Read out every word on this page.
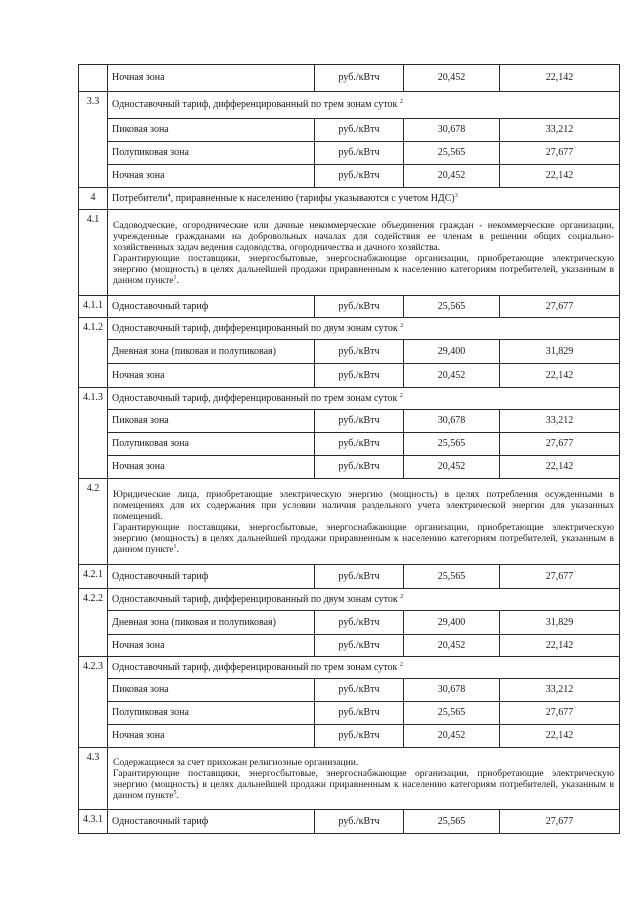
	Ночная зона	руб./кВтч	20,452	22,142
3.3	Одноставочный тариф, дифференцированный по трем зонам суток $^2$
	Пиковая зона	руб./кВтч	30,678	33,212
	Полупиковая зона	руб./кВтч	25,565	27,677
	Ночная зона	руб./кВтч	20,452	22,142
4	Потребители$^4$, приравненные к населению (тарифы указываются с учетом НДС)$^3$
4.1	Садоводческие, огороднические или дачные некоммерческие объединения граждан - некоммерческие организации, учрежденные гражданами на добровольных началах для содействия ее членам в решении общих социально-хозяйственных задач ведения садоводства, огородничества и дачного хозяйства.
Гарантирующие поставщики, энергосбытовые, энергоснабжающие организации, приобретающие электрическую энергию (мощность) в целях дальнейшей продажи приравненным к населению категориям потребителей, указанным в данном пункте$^1$.			
4.1.1	Одноставочный тариф	руб./кВтч	25,565	27,677
4.1.2	Одноставочный тариф, дифференцированный по двум зонам суток $^2$
	Дневная зона (пиковая и полупиковая)	руб./кВтч	29,400	31,829
	Ночная зона	руб./кВтч	20,452	22,142
4.1.3	Одноставочный тариф, дифференцированный по трем зонам суток $^2$
	Пиковая зона	руб./кВтч	30,678	33,212
	Полупиковая зона	руб./кВтч	25,565	27,677
	Ночная зона	руб./кВтч	20,452	22,142
4.2	Юридические лица, приобретающие электрическую энергию (мощность) в целях потребления осужденными в помещениях для их содержания при условии наличия раздельного учета электрической энергии для указанных помещений.
Гарантирующие поставщики, энергосбытовые, энергоснабжающие организации, приобретающие электрическую энергию (мощность) в целях дальнейшей продажи приравненным к населению категориям потребителей, указанным в данном пункте$^1$.			
4.2.1	Одноставочный тариф	руб./кВтч	25,565	27,677
4.2.2	Одноставочный тариф, дифференцированный по двум зонам суток $^2$
	Дневная зона (пиковая и полупиковая)	руб./кВтч	29,400	31,829
	Ночная зона	руб./кВтч	20,452	22,142
4.2.3	Одноставочный тариф, дифференцированный по трем зонам суток $^2$
	Пиковая зона	руб./кВтч	30,678	33,212
	Полупиковая зона	руб./кВтч	25,565	27,677
	Ночная зона	руб./кВтч	20,452	22,142
4.3	Содержащиеся за счет прихожан религиозные организации.
Гарантирующие поставщики, энергосбытовые, энергоснабжающие организации, приобретающие электрическую энергию (мощность) в целях дальнейшей продажи приравненным к населению категориям потребителей, указанным в данном пункте$^5$.			
4.3.1	Одноставочный тариф	руб./кВтч	25,565	27,677
